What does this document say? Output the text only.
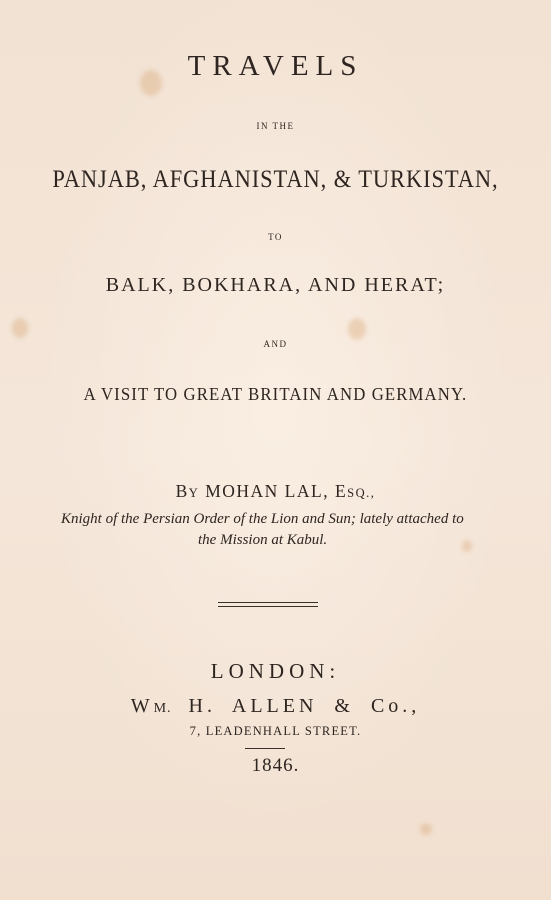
TRAVELS
IN THE
PANJAB, AFGHANISTAN, & TURKISTAN,
TO
BALK, BOKHARA, AND HERAT;
AND
A VISIT TO GREAT BRITAIN AND GERMANY.
BY MOHAN LAL, ESQ.,
Knight of the Persian Order of the Lion and Sun; lately attached to
the Mission at Kabul.
LONDON:
WM. H. ALLEN & Co.,
7, LEADENHALL STREET.
1846.
